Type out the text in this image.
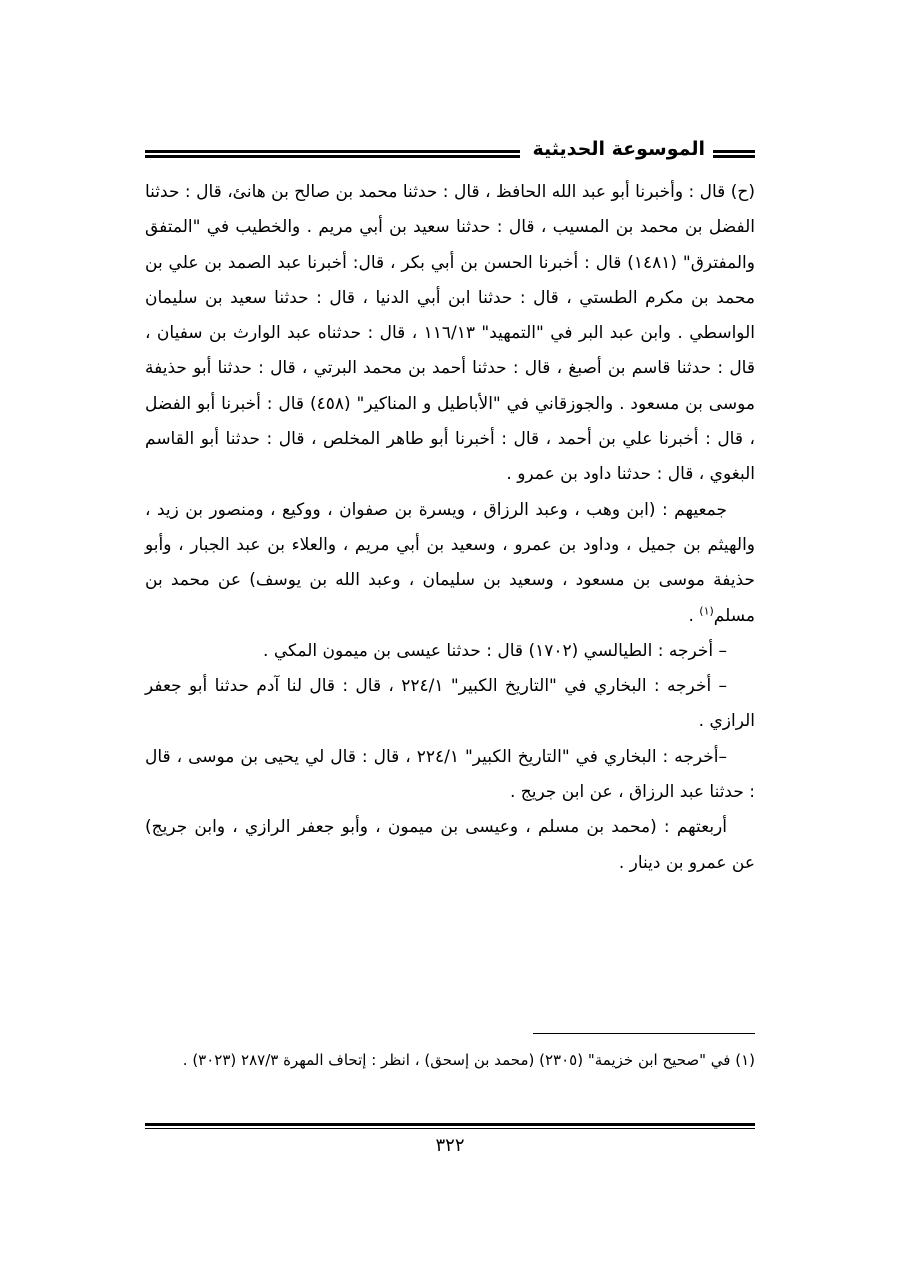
الموسوعة الحديثية

(ح) قال : وأخبرنا أبو عبد الله الحافظ ، قال : حدثنا محمد بن صالح بن هانئ، قال : حدثنا الفضل بن محمد بن المسيب ، قال : حدثنا سعيد بن أبي مريم . والخطيب في "المتفق والمفترق" (١٤٨١) قال : أخبرنا الحسن بن أبي بكر ، قال: أخبرنا عبد الصمد بن علي بن محمد بن مكرم الطستي ، قال : حدثنا ابن أبي الدنيا ، قال : حدثنا سعيد بن سليمان الواسطي . وابن عبد البر في "التمهيد" ١١٦/١٣ ، قال : حدثناه عبد الوارث بن سفيان ، قال : حدثنا قاسم بن أصبغ ، قال : حدثنا أحمد بن محمد البرتي ، قال : حدثنا أبو حذيفة موسى بن مسعود . والجوزقاني في "الأباطيل و المناكير" (٤٥٨) قال : أخبرنا أبو الفضل ، قال : أخبرنا علي بن أحمد ، قال : أخبرنا أبو طاهر المخلص ، قال : حدثنا أبو القاسم البغوي ، قال : حدثنا داود بن عمرو .

جمعيهم : (ابن وهب ، وعبد الرزاق ، ويسرة بن صفوان ، ووكيع ، ومنصور بن زيد ، والهيثم بن جميل ، وداود بن عمرو ، وسعيد بن أبي مريم ، والعلاء بن عبد الجبار ، وأبو حذيفة موسى بن مسعود ، وسعيد بن سليمان ، وعبد الله بن يوسف) عن محمد بن مسلم$^{(١)}$ .

– أخرجه : الطيالسي (١٧٠٢) قال : حدثنا عيسى بن ميمون المكي .

– أخرجه : البخاري في "التاريخ الكبير" ٢٢٤/١ ، قال : قال لنا آدم حدثنا أبو جعفر الرازي .

–أخرجه : البخاري في "التاريخ الكبير" ٢٢٤/١ ، قال : قال لي يحيى بن موسى ، قال : حدثنا عبد الرزاق ، عن ابن جريج .

أربعتهم : (محمد بن مسلم ، وعيسى بن ميمون ، وأبو جعفر الرازي ، وابن جريج) عن عمرو بن دينار .

(١) في "صحيح ابن خزيمة" (٢٣٠٥) (محمد بن إسحق) ، انظر : إتحاف المهرة ٢٨٧/٣ (٣٠٢٣) .
٣٢٢
